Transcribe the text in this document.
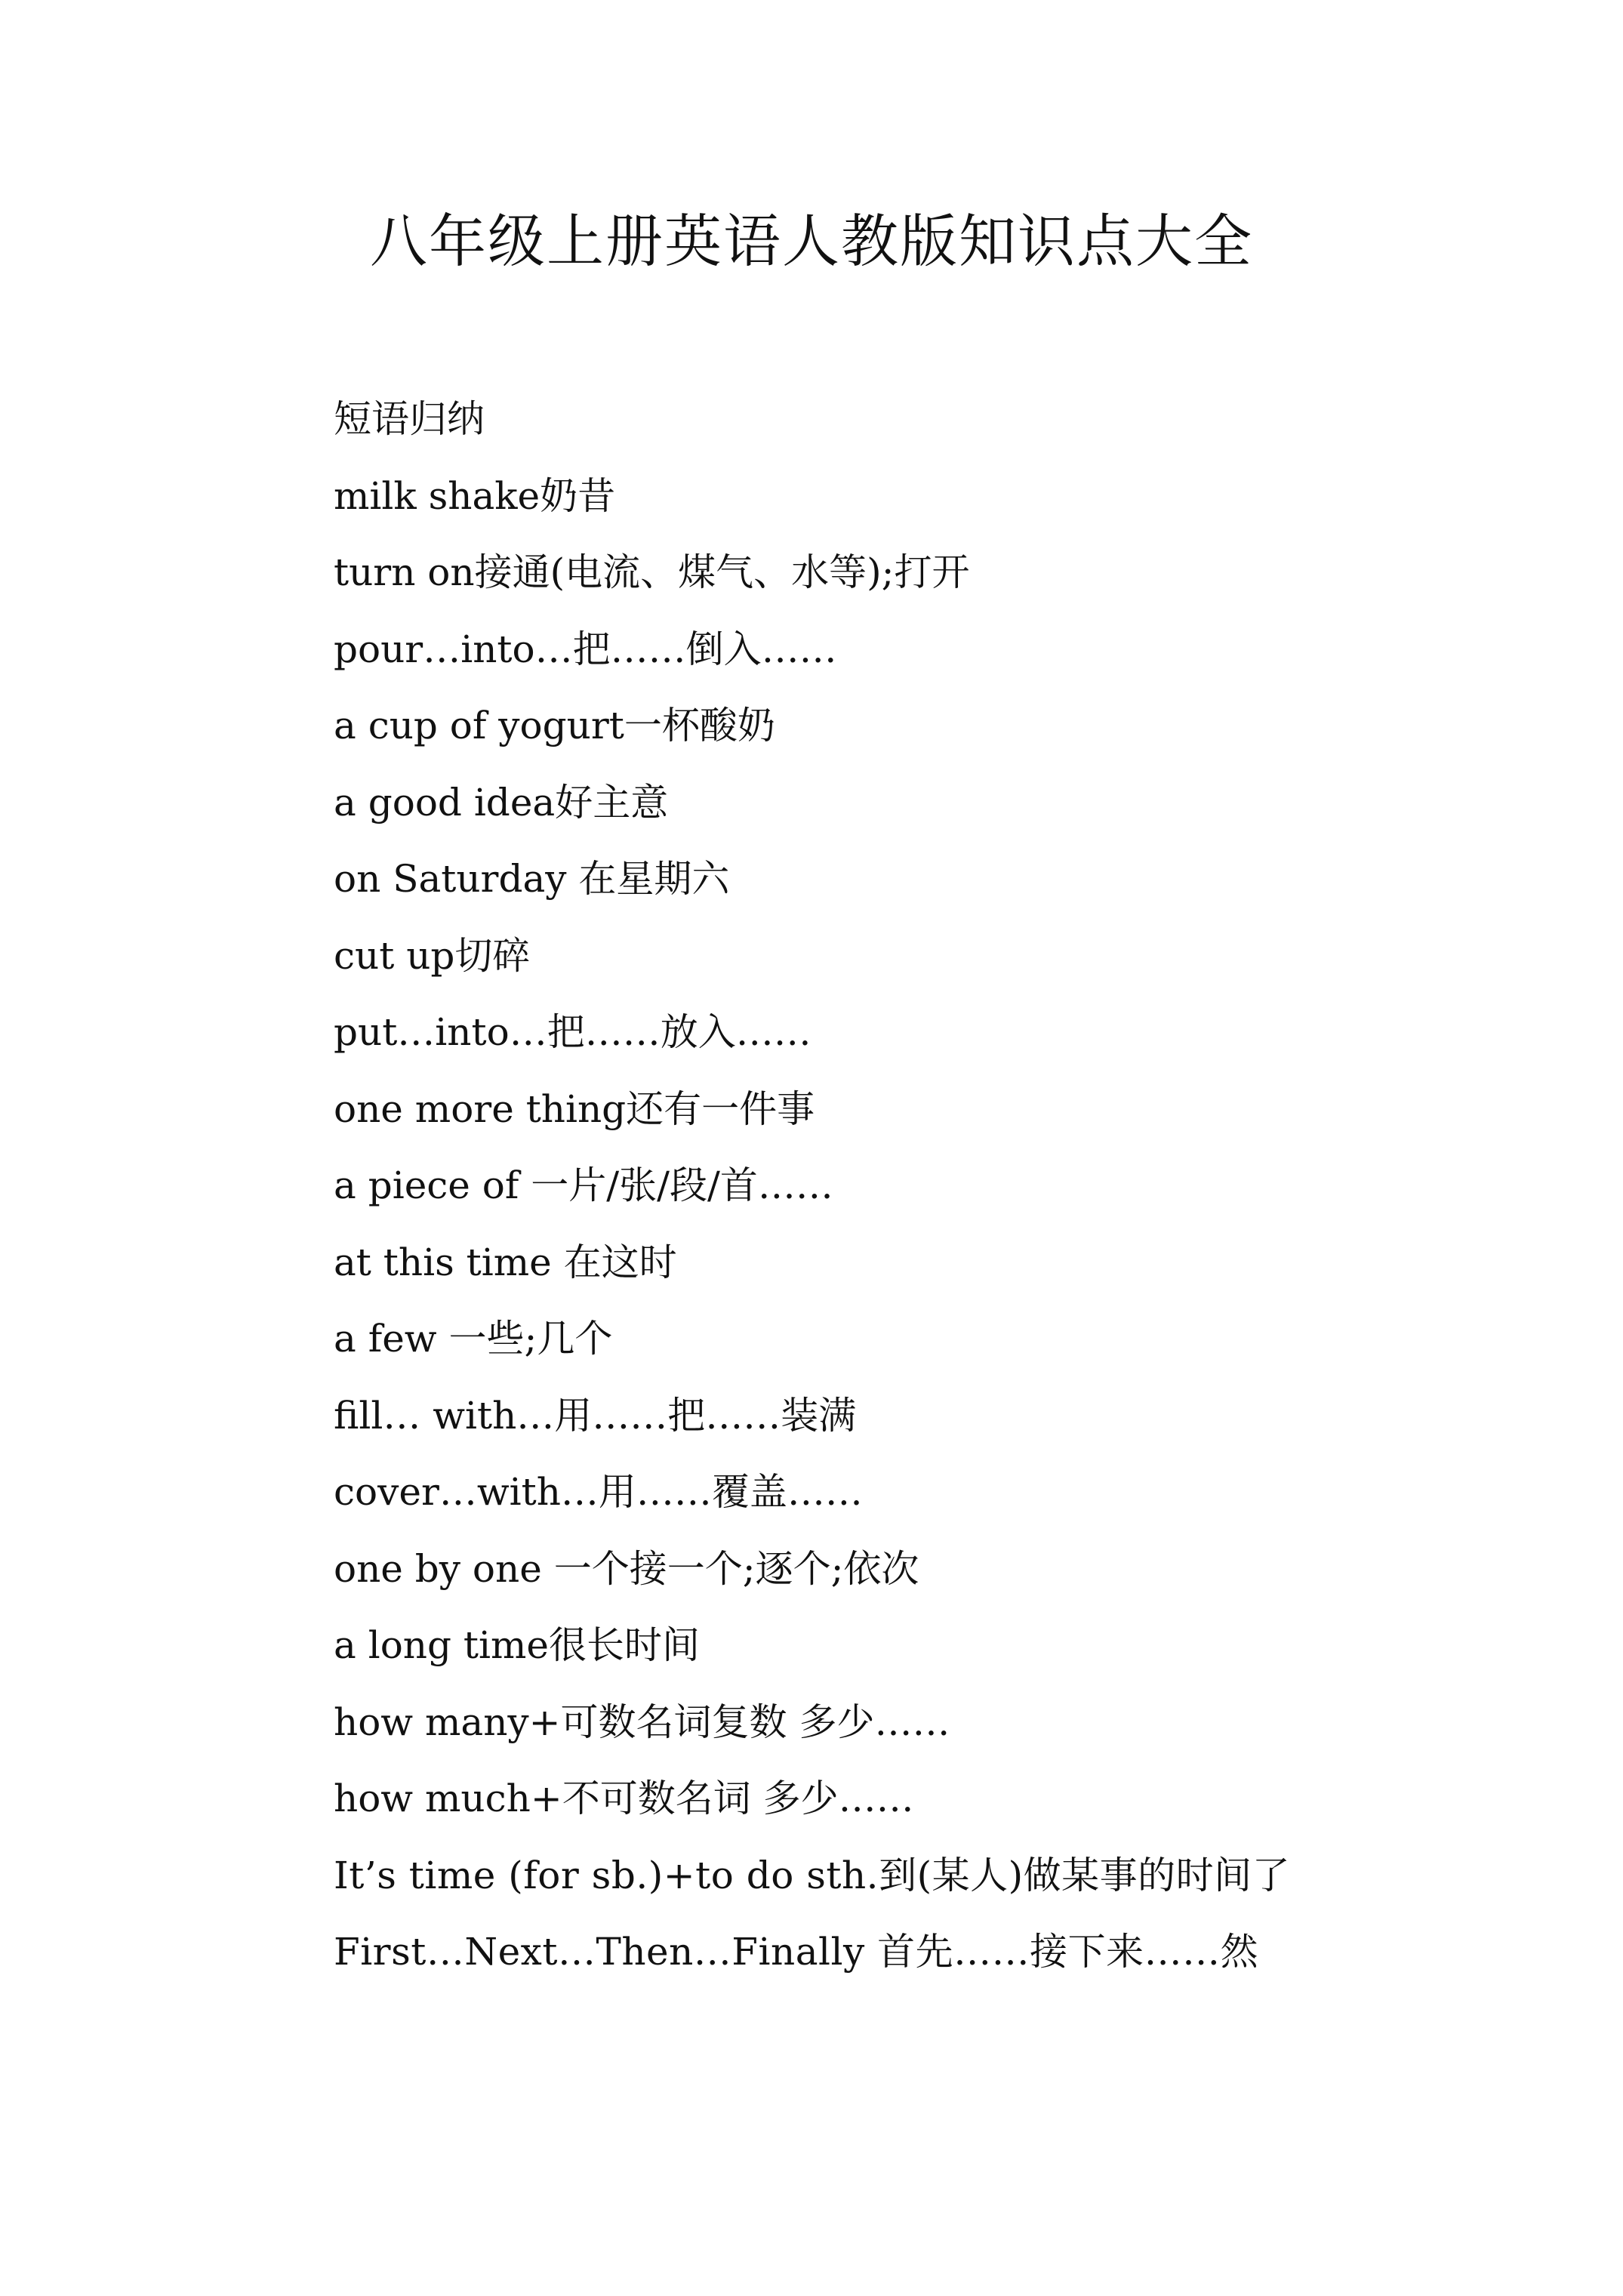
八年级上册英语人教版知识点大全
短语归纳
milk shake奶昔
turn on接通(电流、煤气、水等);打开
pour…into…把……倒入……
a cup of yogurt一杯酸奶
a good idea好主意
on Saturday 在星期六
cut up切碎
put…into…把……放入……
one more thing还有一件事
a piece of 一片/张/段/首……
at this time 在这时
a few 一些;几个
fill… with…用……把……装满
cover…with…用……覆盖……
one by one 一个接一个;逐个;依次
a long time很长时间
how many+可数名词复数 多少……
how much+不可数名词 多少……
It’s time (for sb.)+to do sth.到(某人)做某事的时间了
First…Next…Then…Finally 首先……接下来……然
